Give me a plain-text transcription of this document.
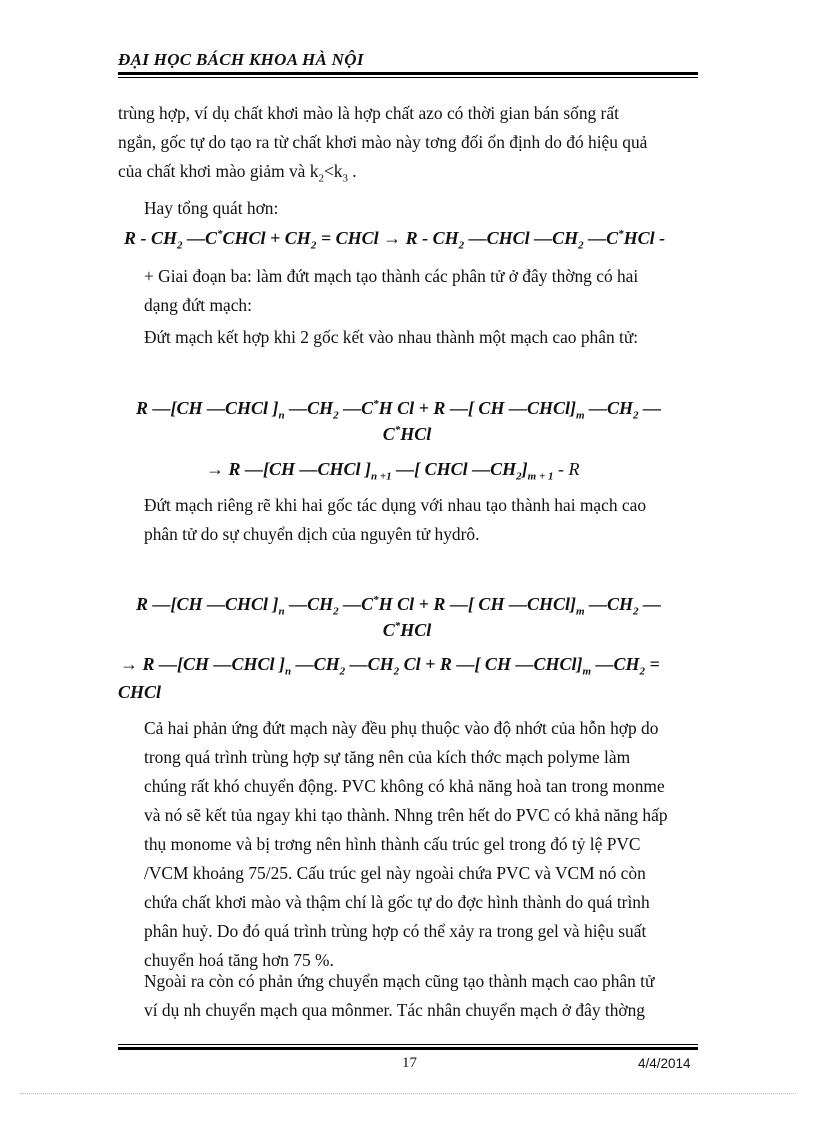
ĐẠI HỌC BÁCH KHOA HÀ NỘI
trùng hợp, ví dụ chất khơi mào là hợp chất azo có thời gian bán sống rất
ngắn, gốc tự do tạo ra từ chất khơi mào này tơng đối ổn định do đó hiệu quả
của chất khơi mào giảm và $k_2<k_3$ .
Hay tổng quát hơn:
R - $CH_2$ —C*CHCl + $CH_2$ = CHCl → R - $CH_2$ —CHCl $—CH_2$ —C*HCl -
+ Giai đoạn ba: làm đứt mạch tạo thành các phân tử ở đây thờng có hai
dạng đứt mạch:
Đứt mạch kết hợp khi 2 gốc kết vào nhau thành một mạch cao phân tử:
R —[CH —CHCl ]$_n$ $—CH_2$ —C*H Cl + R —[ CH $—CHCl]_m$ $—CH_2$ —
C*HCl
→ R —[CH —CHCl ]$_{n +1}$ —[ CHCl $—CH_2]_{m + 1}$ - R
Đứt mạch riêng rẽ khi hai gốc tác dụng với nhau tạo thành hai mạch cao
phân tử do sự chuyển dịch của nguyên tử hydrô.
R —[CH —CHCl ]$_n$ $—CH_2$ —C*H Cl + R —[ CH $—CHCl]_m$ $—CH_2$ —
C*HCl
→ R —[CH —CHCl ]$_n$ $—CH_2$ $—CH_2$ Cl + R —[ CH $—CHCl]_m$ $—CH_2$ =
CHCl
Cả hai phản ứng đứt mạch này đều phụ thuộc vào độ nhớt của hỗn hợp do
trong quá trình trùng hợp sự tăng nên của kích thớc mạch polyme làm
chúng rất khó chuyển động. PVC không có khả năng hoà tan trong monme
và nó sẽ kết tủa ngay khi tạo thành. Nhng trên hết do PVC có khả năng hấp
thụ monome và bị trơng nên hình thành cấu trúc gel trong đó tỷ lệ PVC
/VCM khoảng 75/25. Cấu trúc gel này ngoài chứa PVC và VCM nó còn
chứa chất khơi mào và thậm chí là gốc tự do đợc hình thành do quá trình
phân huỷ. Do đó quá trình trùng hợp có thể xảy ra trong gel và hiệu suất
chuyển hoá tăng hơn 75 %.
Ngoài ra còn có phản ứng chuyển mạch cũng tạo thành mạch cao phân tử
ví dụ nh chuyển mạch qua mônmer. Tác nhân chuyển mạch ở đây thờng
17	4/4/2014
